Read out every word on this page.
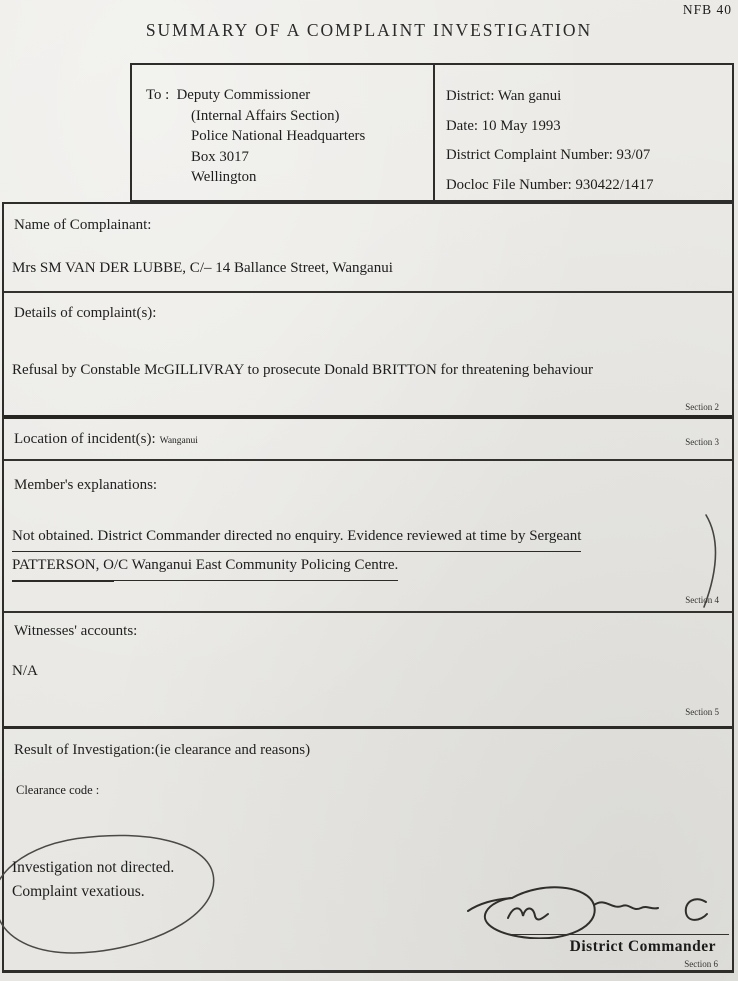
NFB 40
SUMMARY OF A COMPLAINT INVESTIGATION
To : Deputy Commissioner
(Internal Affairs Section)
Police National Headquarters
Box 3017
Wellington
District: Wan ganui
Date: 10 May 1993
District Complaint Number: 93/07
Docloc File Number: 930422/1417
Name of Complainant:
Mrs SM VAN DER LUBBE, C/– 14 Ballance Street, Wanganui
Details of complaint(s):
Refusal by Constable McGILLIVRAY to prosecute Donald BRITTON for threatening behaviour
Section 2
Location of incident(s): Wanganui	Section 3
Member's explanations:
Not obtained. District Commander directed no enquiry. Evidence reviewed at time by Sergeant
PATTERSON, O/C Wanganui East Community Policing Centre.
Section 4
Witnesses' accounts:
N/A
Section 5
Result of Investigation:(ie clearance and reasons)
Clearance code :
Investigation not directed.
Complaint vexatious.
District Commander
Section 6
